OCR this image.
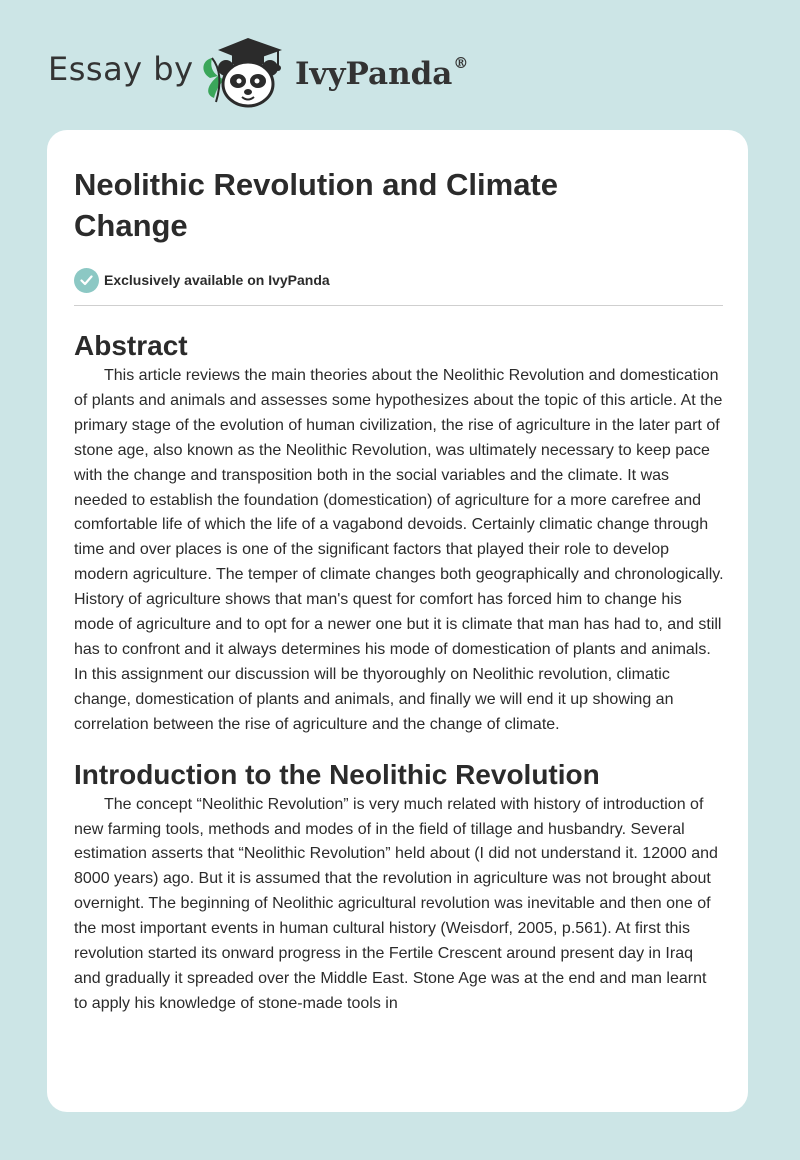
Essay by	IvyPanda®
Neolithic Revolution and Climate Change
Exclusively available on IvyPanda
Abstract

This article reviews the main theories about the Neolithic Revolution and domestication of plants and animals and assesses some hypothesizes about the topic of this article. At the primary stage of the evolution of human civilization, the rise of agriculture in the later part of stone age, also known as the Neolithic Revolution, was ultimately necessary to keep pace with the change and transposition both in the social variables and the climate. It was needed to establish the foundation (domestication) of agriculture for a more carefree and comfortable life of which the life of a vagabond devoids. Certainly climatic change through time and over places is one of the significant factors that played their role to develop modern agriculture. The temper of climate changes both geographically and chronologically. History of agriculture shows that man's quest for comfort has forced him to change his mode of agriculture and to opt for a newer one but it is climate that man has had to, and still has to confront and it always determines his mode of domestication of plants and animals. In this assignment our discussion will be thyoroughly on Neolithic revolution, climatic change, domestication of plants and animals, and finally we will end it up showing an correlation between the rise of agriculture and the change of climate.

Introduction to the Neolithic Revolution

The concept “Neolithic Revolution” is very much related with history of introduction of new farming tools, methods and modes of in the field of tillage and husbandry. Several estimation asserts that “Neolithic Revolution” held about (I did not understand it. 12000 and 8000 years) ago. But it is assumed that the revolution in agriculture was not brought about overnight. The beginning of Neolithic agricultural revolution was inevitable and then one of the most important events in human cultural history (Weisdorf, 2005, p.561). At first this revolution started its onward progress in the Fertile Crescent around present day in Iraq and gradually it spreaded over the Middle East. Stone Age was at the end and man learnt to apply his knowledge of stone-made tools in
